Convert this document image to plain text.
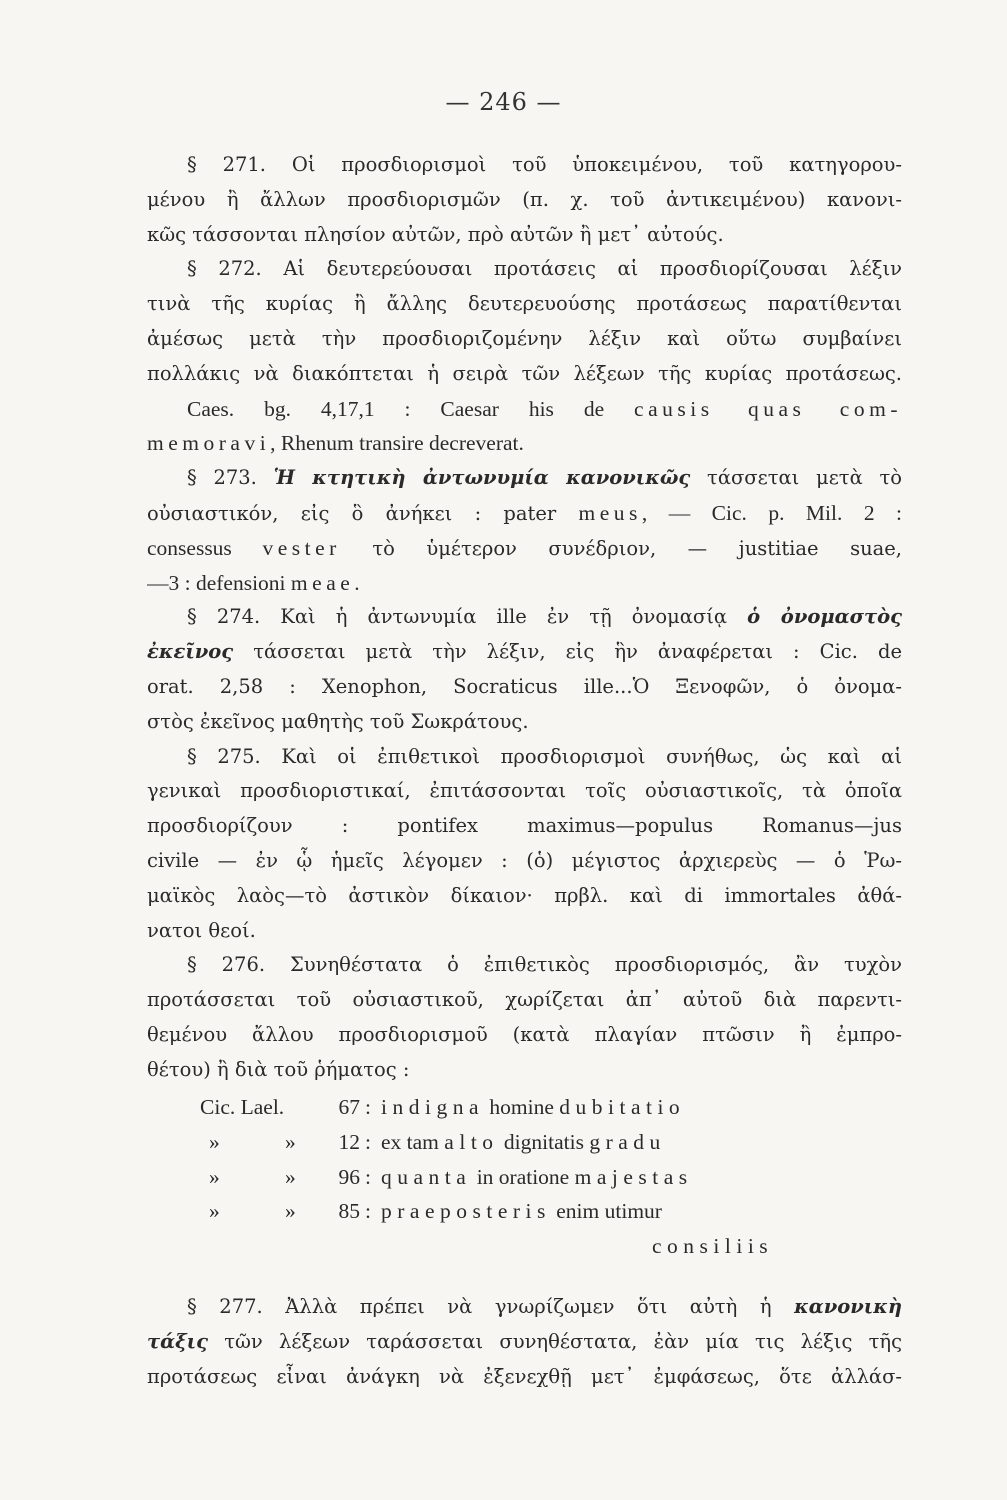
— 246 —
§ 271. Οἱ προσδιορισμοὶ τοῦ ὑποκειμένου, τοῦ κατηγορου-
μένου ἢ ἄλλων προσδιορισμῶν (π. χ. τοῦ ἀντικειμένου) κανονι-
κῶς τάσσονται πλησίον αὐτῶν, πρὸ αὐτῶν ἢ μετ᾽ αὐτούς.
§ 272. Αἱ δευτερεύουσαι προτάσεις αἱ προσδιορίζουσαι λέξιν
τινὰ τῆς κυρίας ἢ ἄλλης δευτερευούσης προτάσεως παρατίθενται
ἀμέσως μετὰ τὴν προσδιοριζομένην λέξιν καὶ οὕτω συμβαίνει
πολλάκις νὰ διακόπτεται ἡ σειρὰ τῶν λέξεων τῆς κυρίας προτάσεως.
Caes. bg. 4,17,1 : Caesar his de causis quas com-
memoravi, Rhenum transire decreverat.
§ 273. Ἡ κτητικὴ ἀντωνυμία κανονικῶς τάσσεται μετὰ τὸ
οὐσιαστικόν, εἰς ὃ ἀνήκει : pater meus, — Cic. p. Mil. 2 :
consessus vester τὸ ὑμέτερον συνέδριον, — justitiae suae,
—3 : defensioni meae.
§ 274. Καὶ ἡ ἀντωνυμία ille ἐν τῇ ὀνομασίᾳ ὁ ὀνομαστὸς
ἐκεῖνος τάσσεται μετὰ τὴν λέξιν, εἰς ἣν ἀναφέρεται : Cic. de
orat. 2,58 : Xenophon, Socraticus ille...Ὁ Ξενοφῶν, ὁ ὀνομα-
στὸς ἐκεῖνος μαθητὴς τοῦ Σωκράτους.
§ 275. Καὶ οἱ ἐπιθετικοὶ προσδιορισμοὶ συνήθως, ὡς καὶ αἱ
γενικαὶ προσδιοριστικαί, ἐπιτάσσονται τοῖς οὐσιαστικοῖς, τὰ ὁποῖα
προσδιορίζουν : pontifex maximus—populus Romanus—jus
civile — ἐν ᾧ ἡμεῖς λέγομεν : (ὁ) μέγιστος ἀρχιερεὺς — ὁ Ῥω-
μαϊκὸς λαὸς—τὸ ἀστικὸν δίκαιον· πρβλ. καὶ di immortales ἀθά-
νατοι θεοί.
§ 276. Συνηθέστατα ὁ ἐπιθετικὸς προσδιορισμός, ἂν τυχὸν
προτάσσεται τοῦ οὐσιαστικοῦ, χωρίζεται ἀπ᾽ αὐτοῦ διὰ παρεντι-
θεμένου ἄλλου προσδιορισμοῦ (κατὰ πλαγίαν πτῶσιν ἢ ἐμπρο-
θέτου) ἢ διὰ τοῦ ῥήματος :
Cic. Lael.	67 : indigna homine dubitatio
»	»	12 : ex tam alto dignitatis gradu
»	»	96 : quanta in oratione majestas
»	»	85 : praeposteris enim utimur
consiliis
§ 277. Ἀλλὰ πρέπει νὰ γνωρίζωμεν ὅτι αὐτὴ ἡ κανονικὴ
τάξις τῶν λέξεων ταράσσεται συνηθέστατα, ἐὰν μία τις λέξις τῆς
προτάσεως εἶναι ἀνάγκη νὰ ἐξενεχθῇ μετ᾽ ἐμφάσεως, ὅτε ἀλλάσ-
